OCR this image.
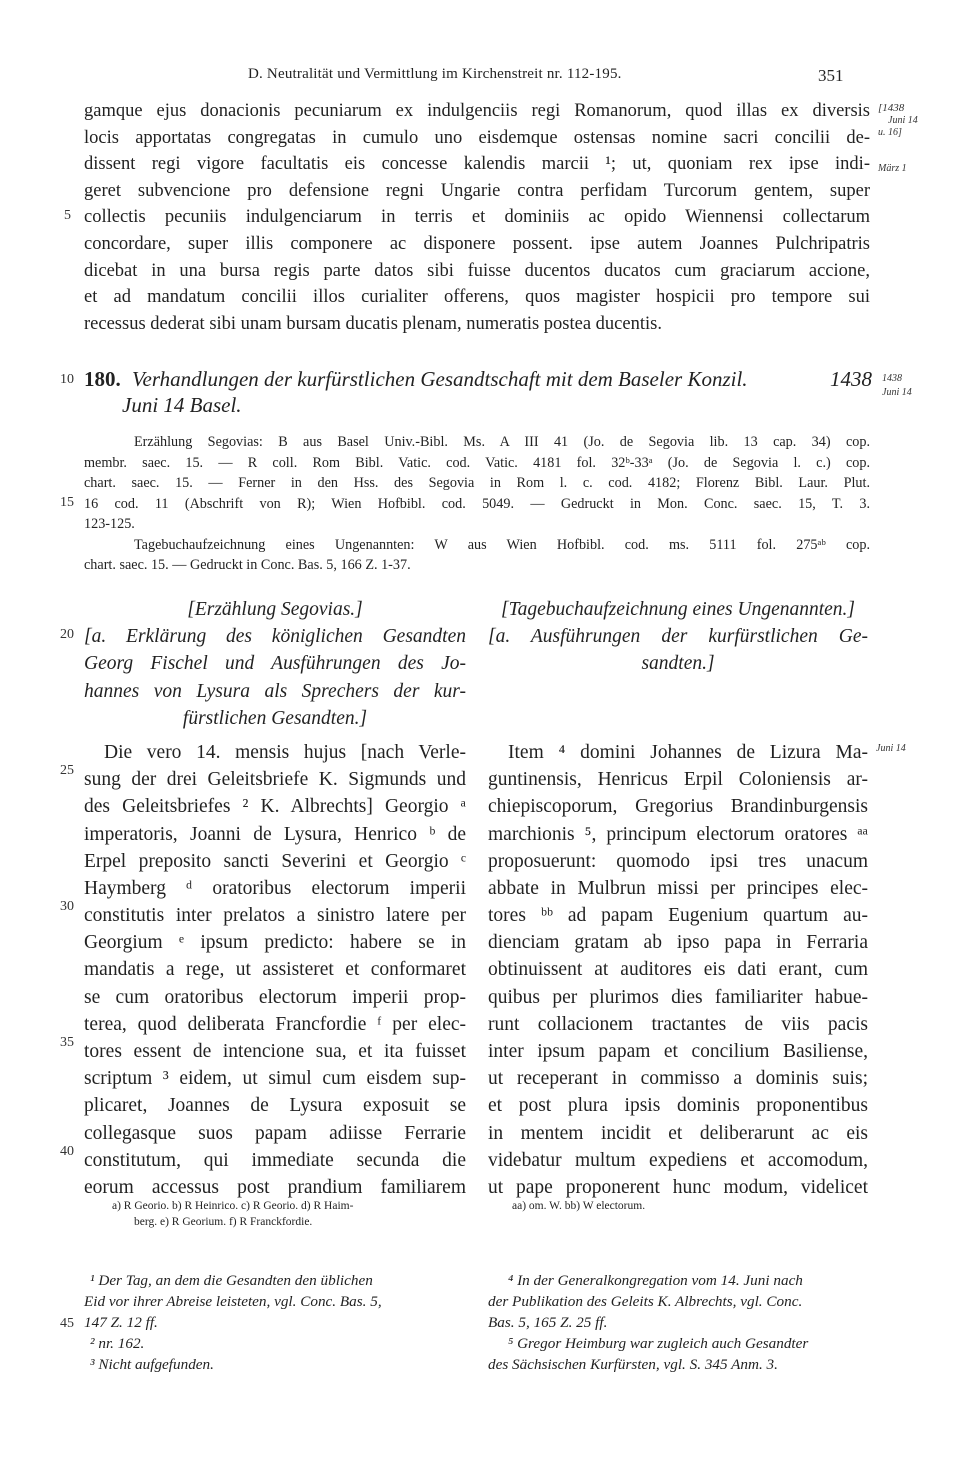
D. Neutralität und Vermittlung im Kirchenstreit nr. 112-195.	351
[1438
Juni 14
u. 16]
März 1
gamque ejus donacionis pecuniarum ex indulgenciis regi Romanorum, quod illas ex diversis
locis apportatas congregatas in cumulo uno eisdemque ostensas nomine sacri concilii de-
dissent regi vigore facultatis eis concesse kalendis marcii ¹; ut, quoniam rex ipse indi-
geret subvencione pro defensione regni Ungarie contra perfidam Turcorum gentem, super
collectis pecuniis indulgenciarum in terris et dominiis ac opido Wiennensi collectarum
concordare, super illis componere ac disponere possent. ipse autem Joannes Pulchripatris
dicebat in una bursa regis parte datos sibi fuisse ducentos ducatos cum graciarum accione,
et ad mandatum concilii illos curialiter offerens, quos magister hospicii pro tempore sui
recessus dederat sibi unam bursam ducatis plenam, numeratis postea ducentis.
5
10
15
20
25
30
35
40
45
180. Verhandlungen der kurfürstlichen Gesandtschaft mit dem Baseler Konzil.	1438
Juni 14 Basel.
1438
Juni 14
Erzählung Segovias: B aus Basel Univ.-Bibl. Ms. A III 41 (Jo. de Segovia lib. 13 cap. 34) cop.
membr. saec. 15. — R coll. Rom Bibl. Vatic. cod. Vatic. 4181 fol. 32ᵇ-33ᵃ (Jo. de Segovia l. c.) cop.
chart. saec. 15. — Ferner in den Hss. des Segovia in Rom l. c. cod. 4182; Florenz Bibl. Laur. Plut.
16 cod. 11 (Abschrift von R); Wien Hofbibl. cod. 5049. — Gedruckt in Mon. Conc. saec. 15, T. 3.
123-125.
Tagebuchaufzeichnung eines Ungenannten: W aus Wien Hofbibl. cod. ms. 5111 fol. 275ᵃᵇ cop.
chart. saec. 15. — Gedruckt in Conc. Bas. 5, 166 Z. 1-37.
[Erzählung Segovias.]
[a. Erklärung des königlichen Gesandten
Georg Fischel und Ausführungen des Jo-
hannes von Lysura als Sprechers der kur-
fürstlichen Gesandten.]
Die vero 14. mensis hujus [nach Verle-
sung der drei Geleitsbriefe K. Sigmunds und
des Geleitsbriefes ² K. Albrechts] Georgio ᵃ
imperatoris, Joanni de Lysura, Henrico ᵇ de
Erpel preposito sancti Severini et Georgio ᶜ
Haymberg ᵈ oratoribus electorum imperii
constitutis inter prelatos a sinistro latere per
Georgium ᵉ ipsum predicto: habere se in
mandatis a rege, ut assisteret et conformaret
se cum oratoribus electorum imperii prop-
terea, quod deliberata Francfordie ᶠ per elec-
tores essent de intencione sua, et ita fuisset
scriptum ³ eidem, ut simul cum eisdem sup-
plicaret, Joannes de Lysura exposuit se
collegasque suos papam adiisse Ferrarie
constitutum, qui immediate secunda die
eorum accessus post prandium familiarem
[Tagebuchaufzeichnung eines Ungenannten.]
[a. Ausführungen der kurfürstlichen Ge-
sandten.]
Item ⁴ domini Johannes de Lizura Ma-
guntinensis, Henricus Erpil Coloniensis ar-
chiepiscoporum, Gregorius Brandinburgensis
marchionis ⁵, principum electorum oratores ᵃᵃ
proposuerunt: quomodo ipsi tres unacum
abbate in Mulbrun missi per principes elec-
tores ᵇᵇ ad papam Eugenium quartum au-
dienciam gratam ab ipso papa in Ferraria
obtinuissent at auditores eis dati erant, cum
quibus per plurimos dies familiariter habue-
runt collacionem tractantes de viis pacis
inter ipsum papam et concilium Basiliense,
ut receperant in commisso a dominis suis;
et post plura ipsis dominis proponentibus
in mentem incidit et deliberarunt ac eis
videbatur multum expediens et accomodum,
ut pape proponerent hunc modum, videlicet
Juni 14
a) R Georio. b) R Heinrico. c) R Georio. d) R Haim-
berg. e) R Georium. f) R Franckfordie.
aa) om. W. bb) W electorum.
¹ Der Tag, an dem die Gesandten den üblichen
Eid vor ihrer Abreise leisteten, vgl. Conc. Bas. 5,
147 Z. 12 ff.
² nr. 162.
³ Nicht aufgefunden.
⁴ In der Generalkongregation vom 14. Juni nach
der Publikation des Geleits K. Albrechts, vgl. Conc.
Bas. 5, 165 Z. 25 ff.
⁵ Gregor Heimburg war zugleich auch Gesandter
des Sächsischen Kurfürsten, vgl. S. 345 Anm. 3.
